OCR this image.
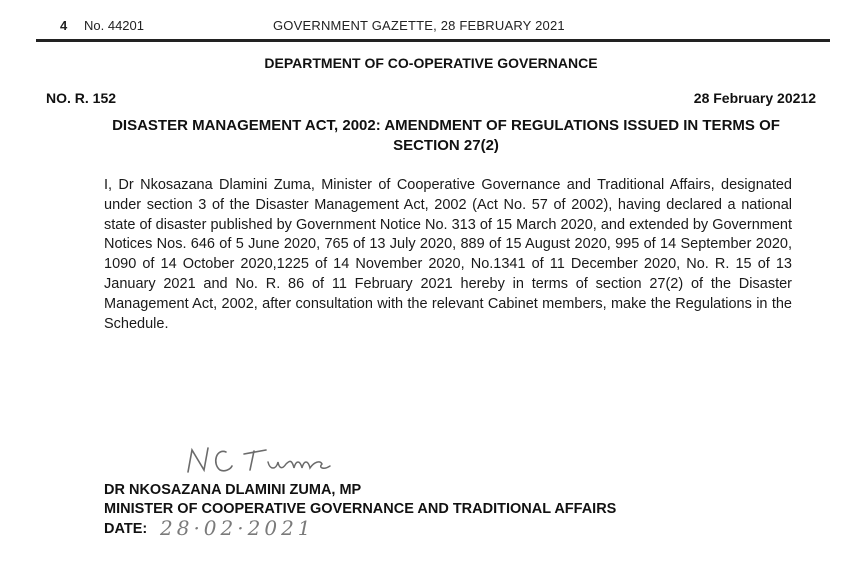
4 No. 44201	GOVERNMENT GAZETTE, 28 FEBRUARY 2021
DEPARTMENT OF CO-OPERATIVE GOVERNANCE
NO. R. 152	28 February 20212
DISASTER MANAGEMENT ACT, 2002: AMENDMENT OF REGULATIONS ISSUED IN TERMS OF SECTION 27(2)
I, Dr Nkosazana Dlamini Zuma, Minister of Cooperative Governance and Traditional Affairs, designated under section 3 of the Disaster Management Act, 2002 (Act No. 57 of 2002), having declared a national state of disaster published by Government Notice No. 313 of 15 March 2020, and extended by Government Notices Nos. 646 of 5 June 2020, 765 of 13 July 2020, 889 of 15 August 2020, 995 of 14 September 2020, 1090 of 14 October 2020,1225 of 14 November 2020, No.1341 of 11 December 2020, No. R. 15 of 13 January 2021 and No. R. 86 of 11 February 2021 hereby in terms of section 27(2) of the Disaster Management Act, 2002, after consultation with the relevant Cabinet members, make the Regulations in the Schedule.
DR NKOSAZANA DLAMINI ZUMA, MP
MINISTER OF COOPERATIVE GOVERNANCE AND TRADITIONAL AFFAIRS
DATE: 28·02·2021
